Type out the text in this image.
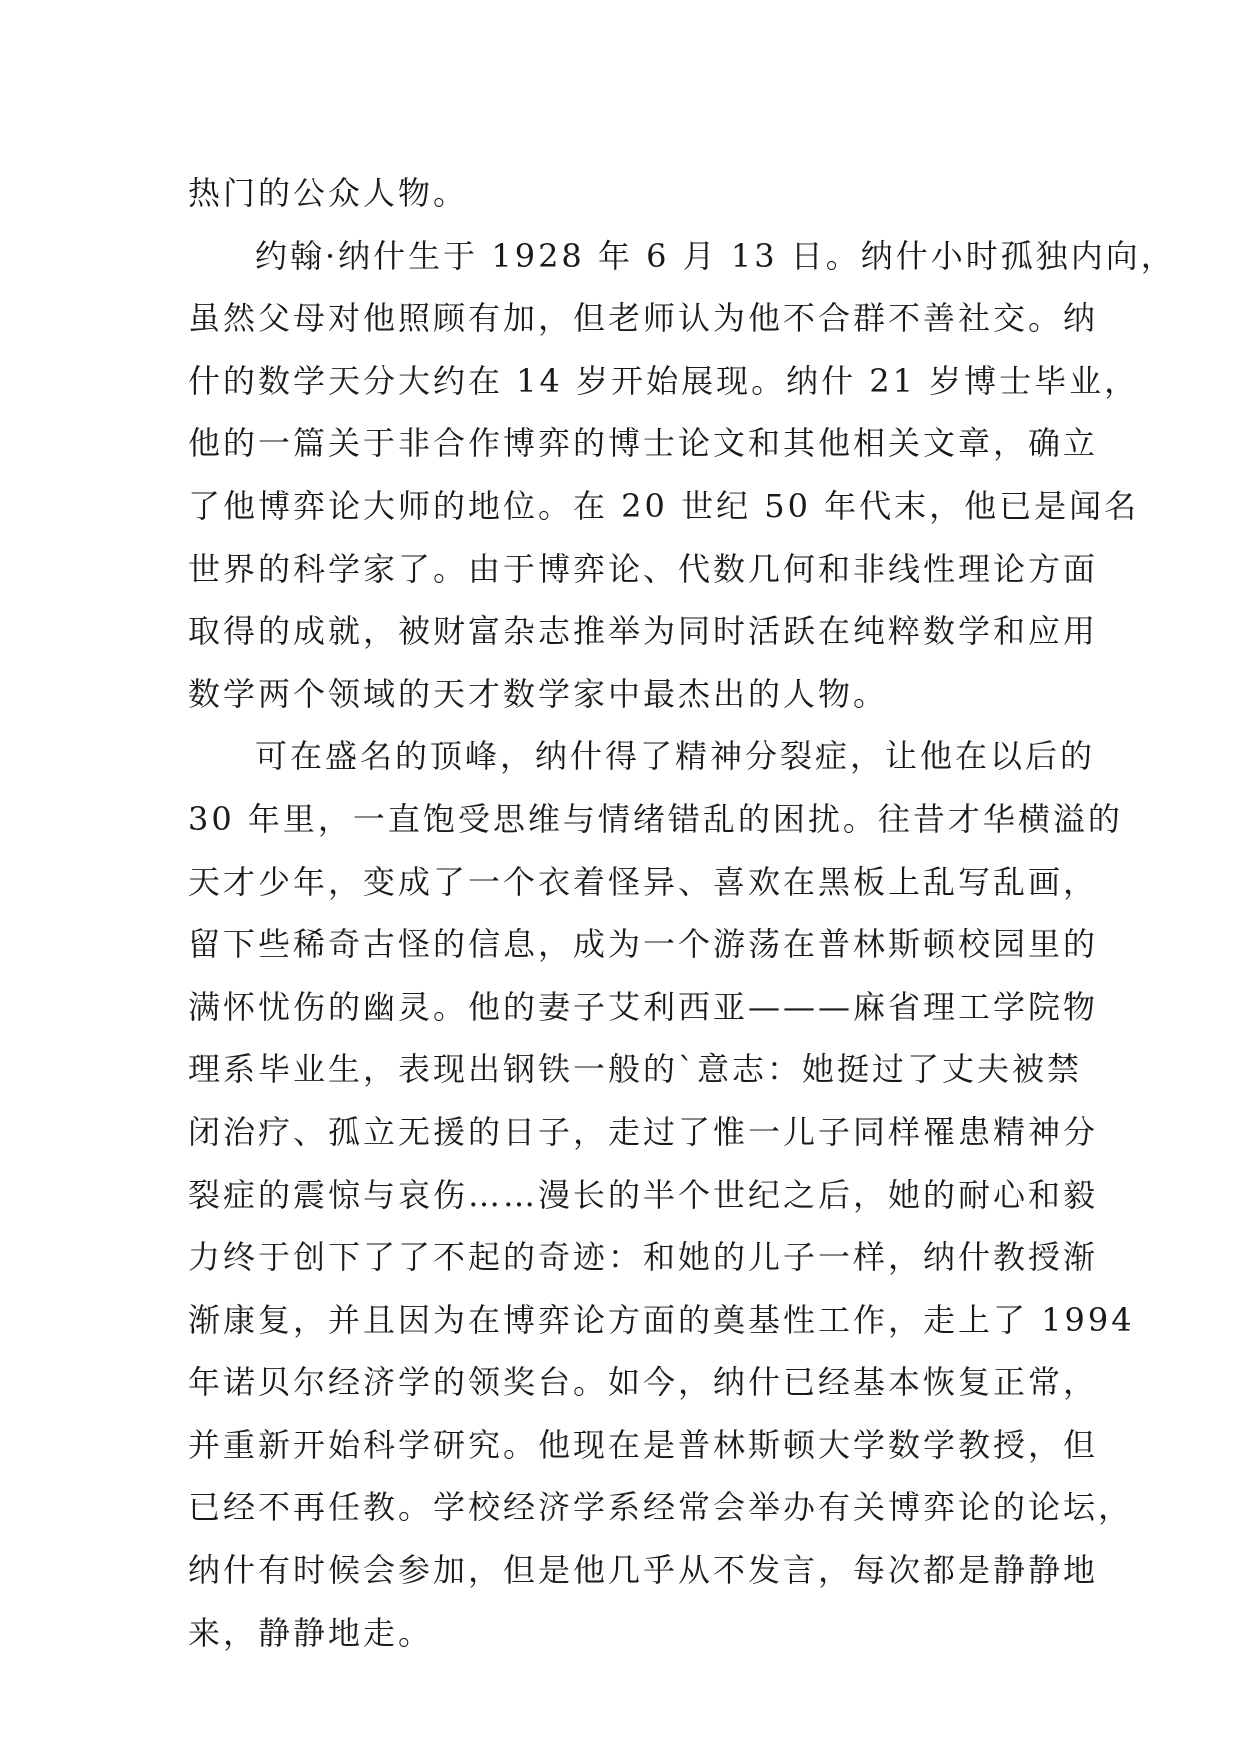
热门的公众人物。
约翰·纳什生于 1928 年 6 月 13 日。纳什小时孤独内向，
虽然父母对他照顾有加，但老师认为他不合群不善社交。纳
什的数学天分大约在 14 岁开始展现。纳什 21 岁博士毕业，
他的一篇关于非合作博弈的博士论文和其他相关文章，确立
了他博弈论大师的地位。在 20 世纪 50 年代末，他已是闻名
世界的科学家了。由于博弈论、代数几何和非线性理论方面
取得的成就，被财富杂志推举为同时活跃在纯粹数学和应用
数学两个领域的天才数学家中最杰出的人物。
可在盛名的顶峰，纳什得了精神分裂症，让他在以后的
30 年里，一直饱受思维与情绪错乱的困扰。往昔才华横溢的
天才少年，变成了一个衣着怪异、喜欢在黑板上乱写乱画，
留下些稀奇古怪的信息，成为一个游荡在普林斯顿校园里的
满怀忧伤的幽灵。他的妻子艾利西亚———麻省理工学院物
理系毕业生，表现出钢铁一般的`意志：她挺过了丈夫被禁
闭治疗、孤立无援的日子，走过了惟一儿子同样罹患精神分
裂症的震惊与哀伤……漫长的半个世纪之后，她的耐心和毅
力终于创下了了不起的奇迹：和她的儿子一样，纳什教授渐
渐康复，并且因为在博弈论方面的奠基性工作，走上了 1994
年诺贝尔经济学的领奖台。如今，纳什已经基本恢复正常，
并重新开始科学研究。他现在是普林斯顿大学数学教授，但
已经不再任教。学校经济学系经常会举办有关博弈论的论坛，
纳什有时候会参加，但是他几乎从不发言，每次都是静静地
来，静静地走。
